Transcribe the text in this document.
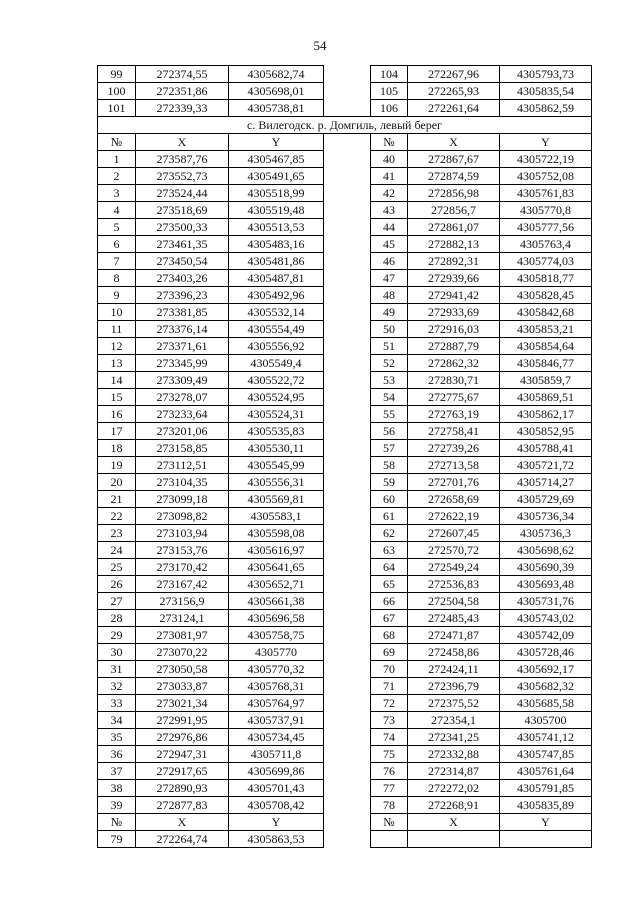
54
99	272374,55	4305682,74		104	272267,96	4305793,73
100	272351,86	4305698,01		105	272265,93	4305835,54
101	272339,33	4305738,81		106	272261,64	4305862,59
с. Вилегодск. р. Домгиль, левый берег						
№	X	Y		№	X	Y
1	273587,76	4305467,85		40	272867,67	4305722,19
2	273552,73	4305491,65		41	272874,59	4305752,08
3	273524,44	4305518,99		42	272856,98	4305761,83
4	273518,69	4305519,48		43	272856,7	4305770,8
5	273500,33	4305513,53		44	272861,07	4305777,56
6	273461,35	4305483,16		45	272882,13	4305763,4
7	273450,54	4305481,86		46	272892,31	4305774,03
8	273403,26	4305487,81		47	272939,66	4305818,77
9	273396,23	4305492,96		48	272941,42	4305828,45
10	273381,85	4305532,14		49	272933,69	4305842,68
11	273376,14	4305554,49		50	272916,03	4305853,21
12	273371,61	4305556,92		51	272887,79	4305854,64
13	273345,99	4305549,4		52	272862,32	4305846,77
14	273309,49	4305522,72		53	272830,71	4305859,7
15	273278,07	4305524,95		54	272775,67	4305869,51
16	273233,64	4305524,31		55	272763,19	4305862,17
17	273201,06	4305535,83		56	272758,41	4305852,95
18	273158,85	4305530,11		57	272739,26	4305788,41
19	273112,51	4305545,99		58	272713,58	4305721,72
20	273104,35	4305556,31		59	272701,76	4305714,27
21	273099,18	4305569,81		60	272658,69	4305729,69
22	273098,82	4305583,1		61	272622,19	4305736,34
23	273103,94	4305598,08		62	272607,45	4305736,3
24	273153,76	4305616,97		63	272570,72	4305698,62
25	273170,42	4305641,65		64	272549,24	4305690,39
26	273167,42	4305652,71		65	272536,83	4305693,48
27	273156,9	4305661,38		66	272504,58	4305731,76
28	273124,1	4305696,58		67	272485,43	4305743,02
29	273081,97	4305758,75		68	272471,87	4305742,09
30	273070,22	4305770		69	272458,86	4305728,46
31	273050,58	4305770,32		70	272424,11	4305692,17
32	273033,87	4305768,31		71	272396,79	4305682,32
33	273021,34	4305764,97		72	272375,52	4305685,58
34	272991,95	4305737,91		73	272354,1	4305700
35	272976,86	4305734,45		74	272341,25	4305741,12
36	272947,31	4305711,8		75	272332,88	4305747,85
37	272917,65	4305699,86		76	272314,87	4305761,64
38	272890,93	4305701,43		77	272272,02	4305791,85
39	272877,83	4305708,42		78	272268,91	4305835,89
№	X	Y		№	X	Y
79	272264,74	4305863,53				
